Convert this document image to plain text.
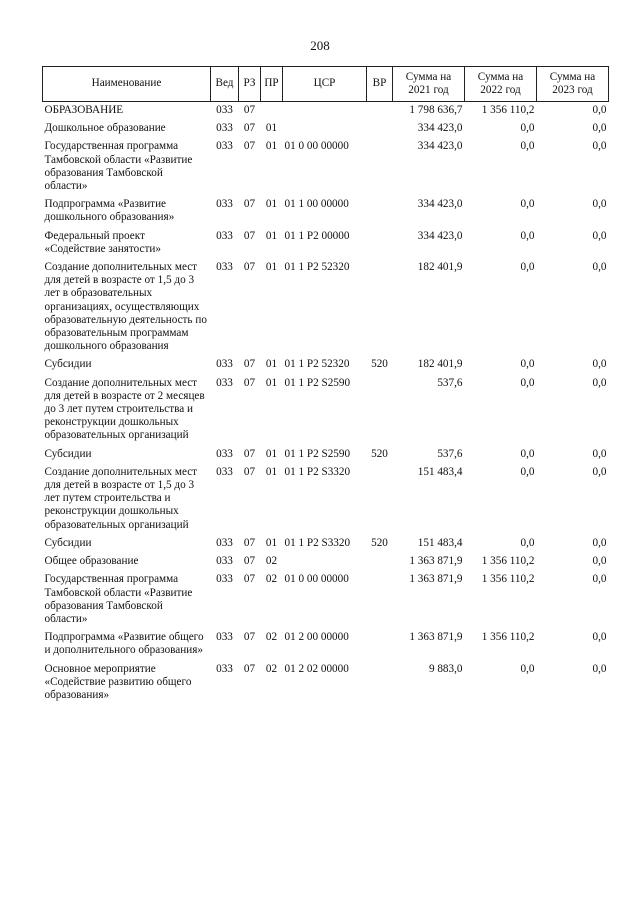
208
Наименование	Вед	РЗ	ПР	ЦСР	ВР	Сумма на 2021 год	Сумма на 2022 год	Сумма на 2023 год
ОБРАЗОВАНИЕ	033	07				1 798 636,7	1 356 110,2	0,0
Дошкольное образование	033	07	01			334 423,0	0,0	0,0
Государственная программа Тамбовской области «Развитие образования Тамбовской области»	033	07	01	01 0 00 00000		334 423,0	0,0	0,0
Подпрограмма «Развитие дошкольного образования»	033	07	01	01 1 00 00000		334 423,0	0,0	0,0
Федеральный проект «Содействие занятости»	033	07	01	01 1 P2 00000		334 423,0	0,0	0,0
Создание дополнительных мест для детей в возрасте от 1,5 до 3 лет в образовательных организациях, осуществляющих образовательную деятельность по образовательным программам дошкольного образования	033	07	01	01 1 P2 52320		182 401,9	0,0	0,0
Субсидии	033	07	01	01 1 P2 52320	520	182 401,9	0,0	0,0
Создание дополнительных мест для детей в возрасте от 2 месяцев до 3 лет путем строительства и реконструкции дошкольных образовательных организаций	033	07	01	01 1 P2 S2590		537,6	0,0	0,0
Субсидии	033	07	01	01 1 P2 S2590	520	537,6	0,0	0,0
Создание дополнительных мест для детей в возрасте от 1,5 до 3 лет путем строительства и реконструкции дошкольных образовательных организаций	033	07	01	01 1 P2 S3320		151 483,4	0,0	0,0
Субсидии	033	07	01	01 1 P2 S3320	520	151 483,4	0,0	0,0
Общее образование	033	07	02			1 363 871,9	1 356 110,2	0,0
Государственная программа Тамбовской области «Развитие образования Тамбовской области»	033	07	02	01 0 00 00000		1 363 871,9	1 356 110,2	0,0
Подпрограмма «Развитие общего и дополнительного образования»	033	07	02	01 2 00 00000		1 363 871,9	1 356 110,2	0,0
Основное мероприятие «Содействие развитию общего образования»	033	07	02	01 2 02 00000		9 883,0	0,0	0,0
